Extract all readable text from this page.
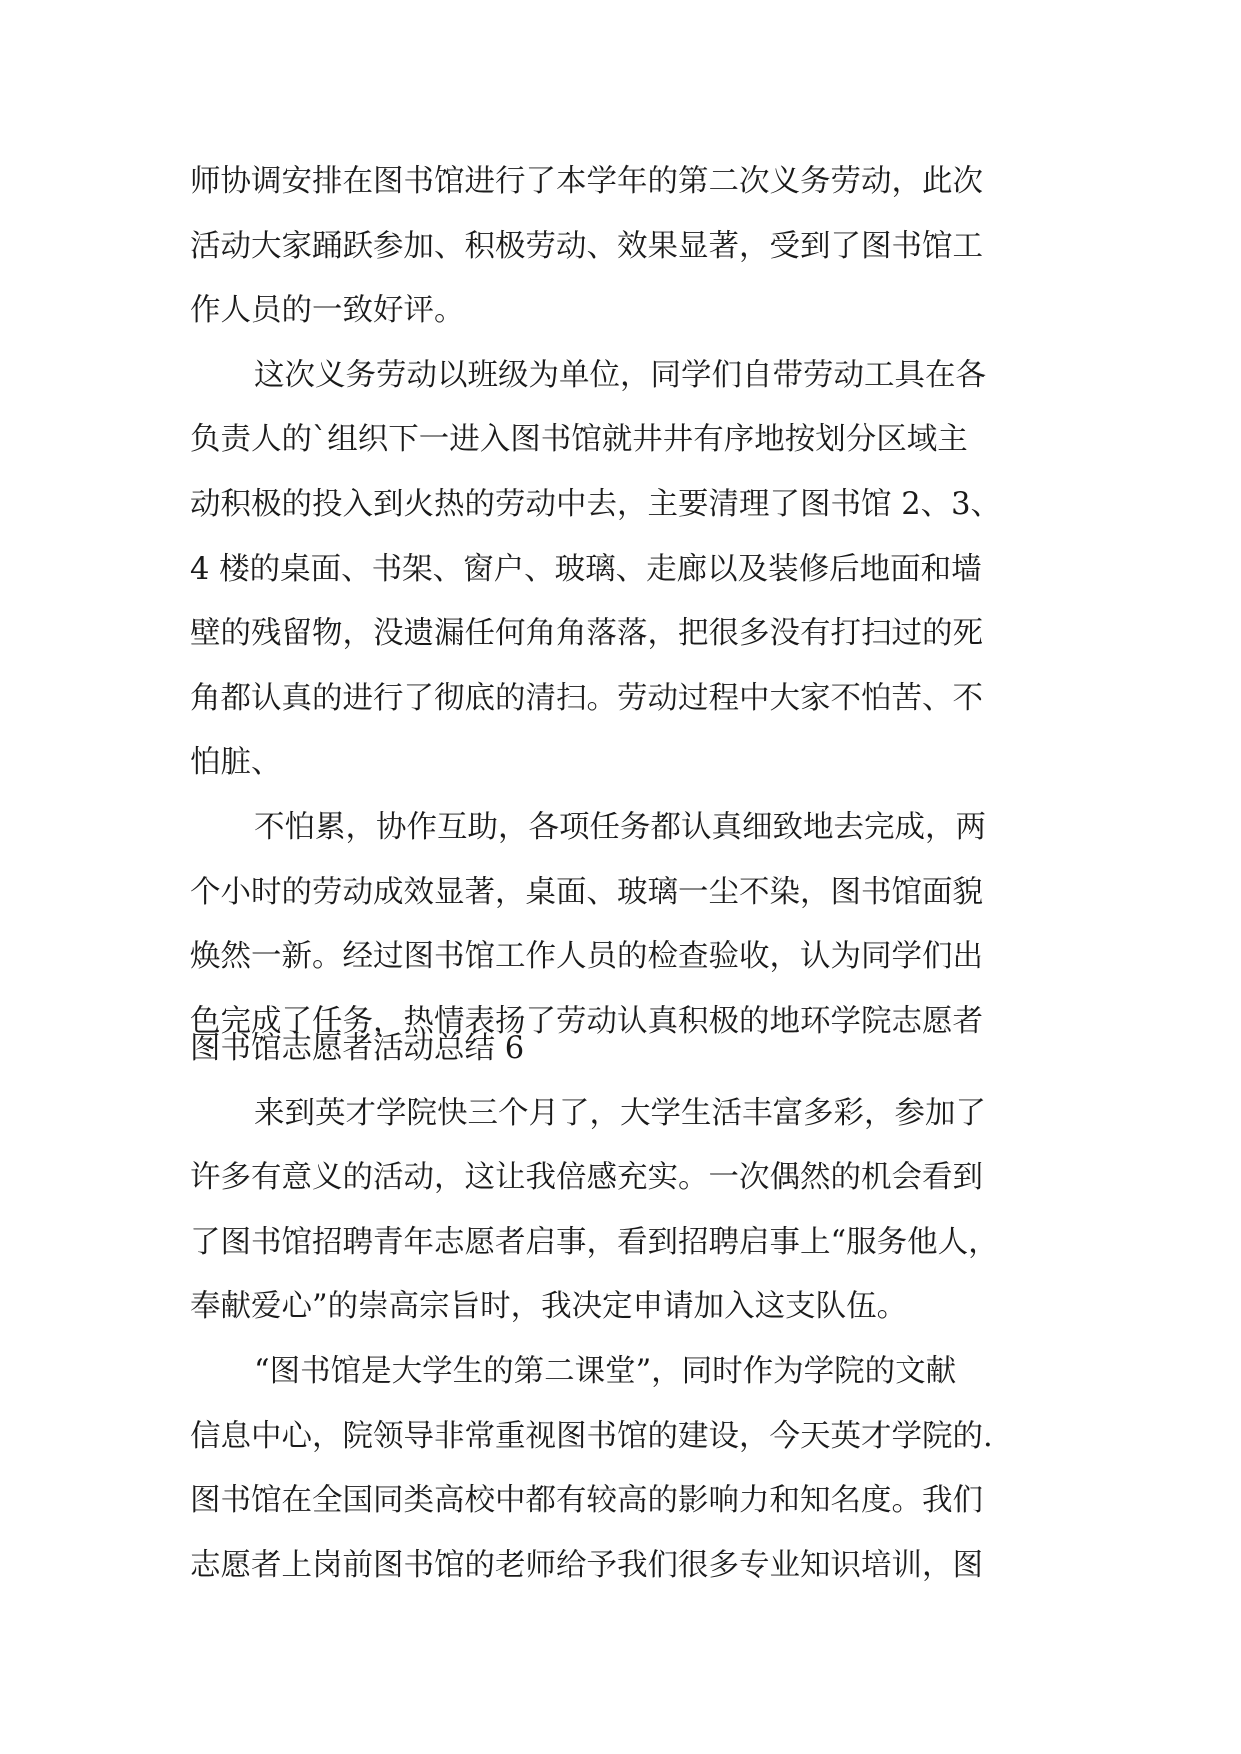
师协调安排在图书馆进行了本学年的第二次义务劳动，此次
活动大家踊跃参加、积极劳动、效果显著，受到了图书馆工
作人员的一致好评。
这次义务劳动以班级为单位，同学们自带劳动工具在各
负责人的`组织下一进入图书馆就井井有序地按划分区域主
动积极的投入到火热的劳动中去，主要清理了图书馆 2、3、
4 楼的桌面、书架、窗户、玻璃、走廊以及装修后地面和墙
壁的残留物，没遗漏任何角角落落，把很多没有打扫过的死
角都认真的进行了彻底的清扫。劳动过程中大家不怕苦、不
怕脏、
不怕累，协作互助，各项任务都认真细致地去完成，两
个小时的劳动成效显著，桌面、玻璃一尘不染，图书馆面貌
焕然一新。经过图书馆工作人员的检查验收，认为同学们出
色完成了任务，热情表扬了劳动认真积极的地环学院志愿者
图书馆志愿者活动总结 6
来到英才学院快三个月了，大学生活丰富多彩，参加了
许多有意义的活动，这让我倍感充实。一次偶然的机会看到
了图书馆招聘青年志愿者启事，看到招聘启事上“服务他人，
奉献爱心”的崇高宗旨时，我决定申请加入这支队伍。
“图书馆是大学生的第二课堂”，同时作为学院的文献
信息中心，院领导非常重视图书馆的建设，今天英才学院的.
图书馆在全国同类高校中都有较高的影响力和知名度。我们
志愿者上岗前图书馆的老师给予我们很多专业知识培训，图
